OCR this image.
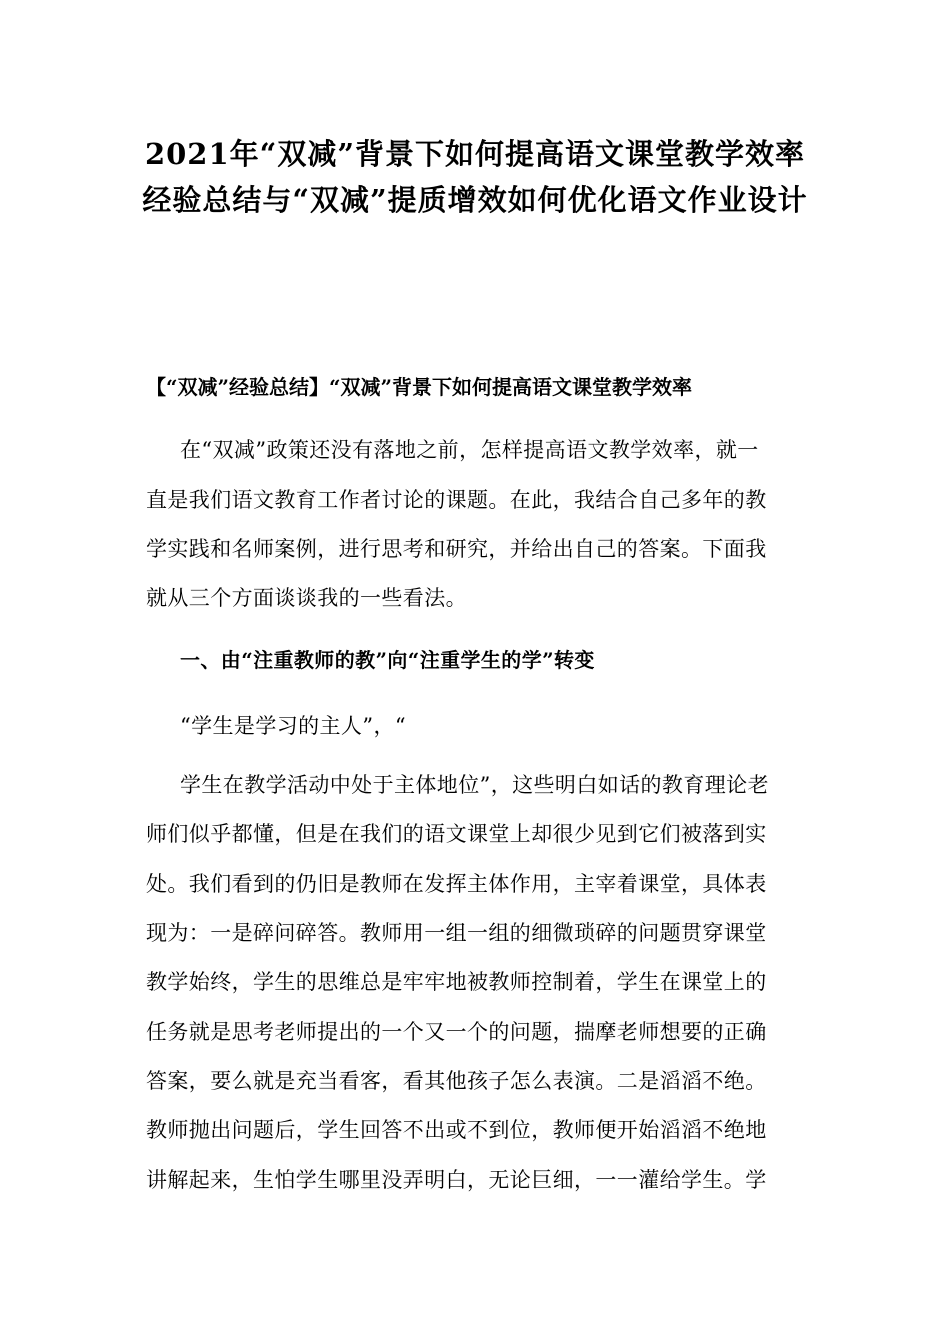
2021年“双减”背景下如何提高语文课堂教学效率
经验总结与“双减”提质增效如何优化语文作业设计
【“双减”经验总结】“双减”背景下如何提高语文课堂教学效率
在“双减”政策还没有落地之前，怎样提高语文教学效率，就一
直是我们语文教育工作者讨论的课题。在此，我结合自己多年的教
学实践和名师案例，进行思考和研究，并给出自己的答案。下面我
就从三个方面谈谈我的一些看法。
一、由“注重教师的教”向“注重学生的学”转变
“学生是学习的主人”，“
学生在教学活动中处于主体地位”，这些明白如话的教育理论老
师们似乎都懂，但是在我们的语文课堂上却很少见到它们被落到实
处。我们看到的仍旧是教师在发挥主体作用，主宰着课堂，具体表
现为：一是碎问碎答。教师用一组一组的细微琐碎的问题贯穿课堂
教学始终，学生的思维总是牢牢地被教师控制着，学生在课堂上的
任务就是思考老师提出的一个又一个的问题，揣摩老师想要的正确
答案，要么就是充当看客，看其他孩子怎么表演。二是滔滔不绝。
教师抛出问题后，学生回答不出或不到位，教师便开始滔滔不绝地
讲解起来，生怕学生哪里没弄明白，无论巨细，一一灌给学生。学
